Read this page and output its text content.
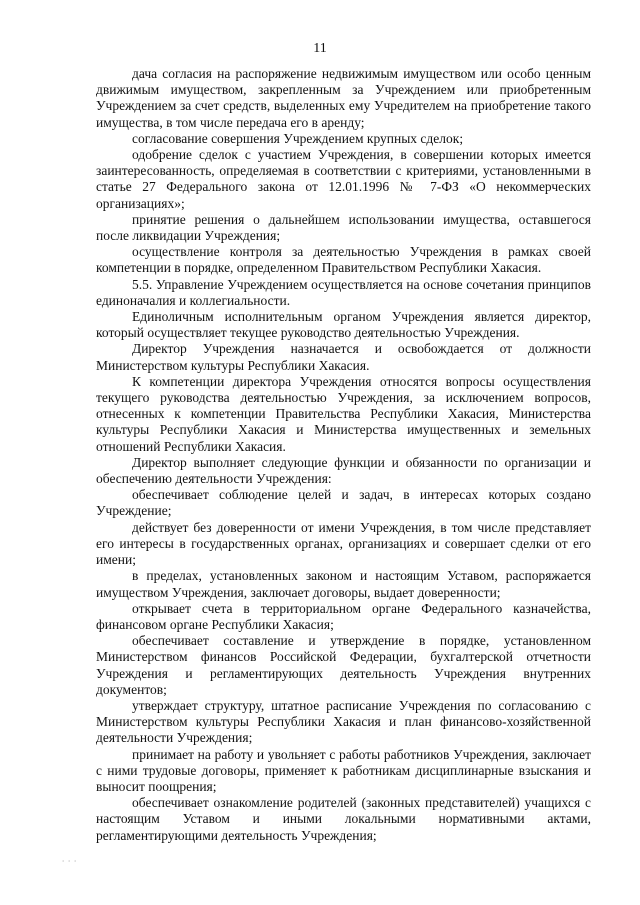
11

дача согласия на распоряжение недвижимым имуществом или особо ценным движимым имуществом, закрепленным за Учреждением или приобретенным Учреждением за счет средств, выделенных ему Учредителем на приобретение такого имущества, в том числе передача его в аренду;

согласование совершения Учреждением крупных сделок;

одобрение сделок с участием Учреждения, в совершении которых имеется заинтересованность, определяемая в соответствии с критериями, установленными в статье 27 Федерального закона от 12.01.1996 № 7-ФЗ «О некоммерческих организациях»;

принятие решения о дальнейшем использовании имущества, оставшегося после ликвидации Учреждения;

осуществление контроля за деятельностью Учреждения в рамках своей компетенции в порядке, определенном Правительством Республики Хакасия.

5.5. Управление Учреждением осуществляется на основе сочетания принципов единоначалия и коллегиальности.

Единоличным исполнительным органом Учреждения является директор, который осуществляет текущее руководство деятельностью Учреждения.

Директор Учреждения назначается и освобождается от должности Министерством культуры Республики Хакасия.

К компетенции директора Учреждения относятся вопросы осуществления текущего руководства деятельностью Учреждения, за исключением вопросов, отнесенных к компетенции Правительства Республики Хакасия, Министерства культуры Республики Хакасия и Министерства имущественных и земельных отношений Республики Хакасия.

Директор выполняет следующие функции и обязанности по организации и обеспечению деятельности Учреждения:

обеспечивает соблюдение целей и задач, в интересах которых создано Учреждение;

действует без доверенности от имени Учреждения, в том числе представляет его интересы в государственных органах, организациях и совершает сделки от его имени;

в пределах, установленных законом и настоящим Уставом, распоряжается имуществом Учреждения, заключает договоры, выдает доверенности;

открывает счета в территориальном органе Федерального казначейства, финансовом органе Республики Хакасия;

обеспечивает составление и утверждение в порядке, установленном Министерством финансов Российской Федерации, бухгалтерской отчетности Учреждения и регламентирующих деятельность Учреждения внутренних документов;

утверждает структуру, штатное расписание Учреждения по согласованию с Министерством культуры Республики Хакасия и план финансово-хозяйственной деятельности Учреждения;

принимает на работу и увольняет с работы работников Учреждения, заключает с ними трудовые договоры, применяет к работникам дисциплинарные взыскания и выносит поощрения;

обеспечивает ознакомление родителей (законных представителей) учащихся с настоящим Уставом и иными локальными нормативными актами, регламентирующими деятельность Учреждения;

· · ·
